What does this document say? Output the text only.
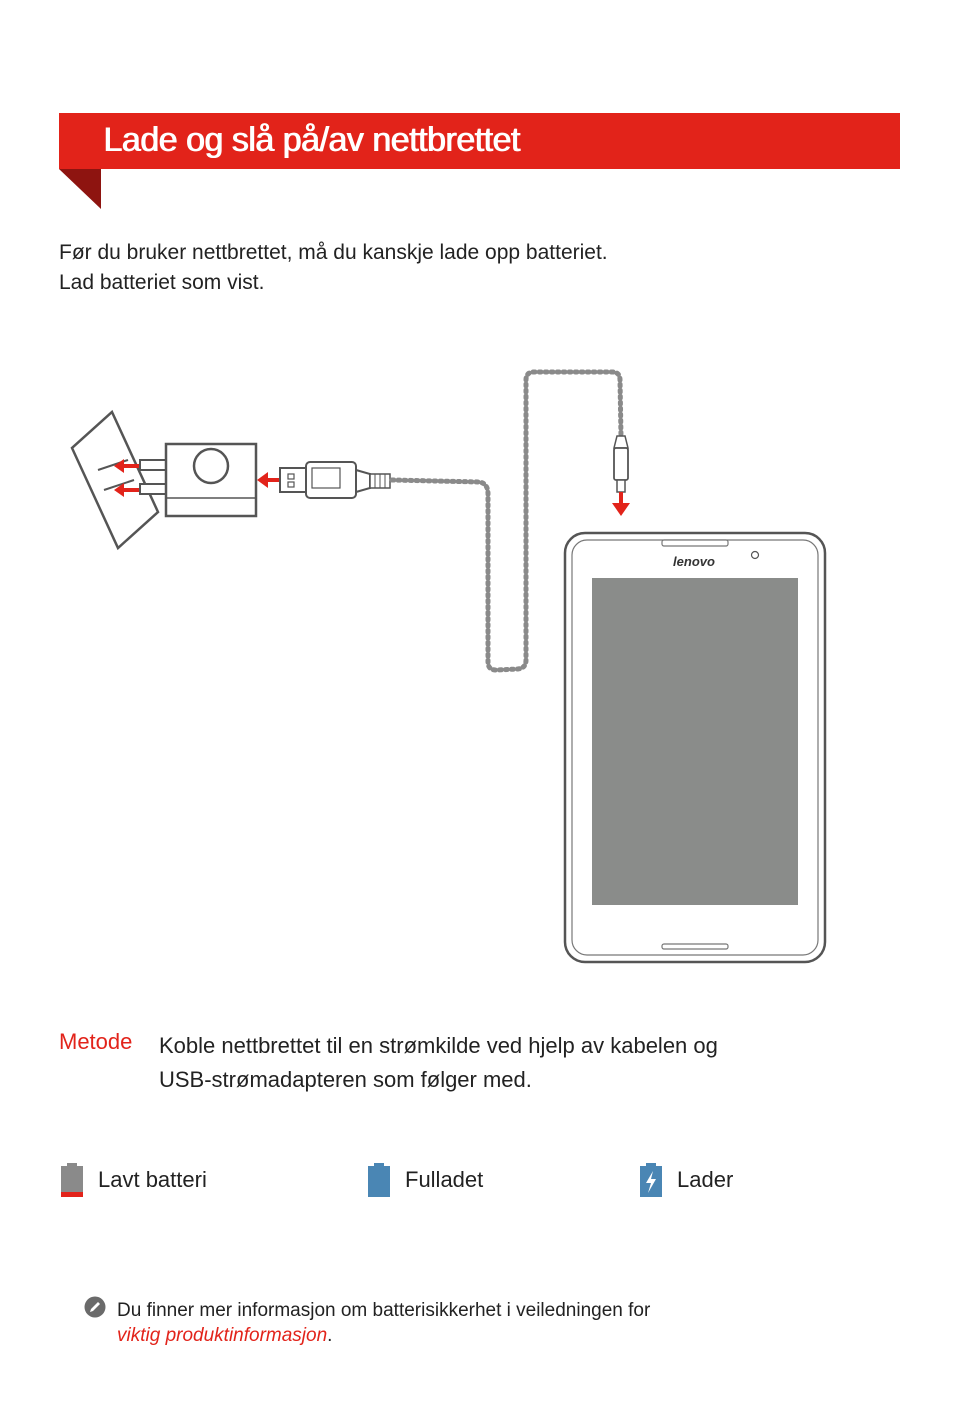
Lade og slå på/av nettbrettet
Før du bruker nettbrettet, må du kanskje lade opp batteriet.
Lad batteriet som vist.
lenovo
Metode Koble nettbrettet til en strømkilde ved hjelp av kabelen og
USB-strømadapteren som følger med.
Lavt batteri	Fulladet	Lader
Du finner mer informasjon om batterisikkerhet i veiledningen for
viktig produktinformasjon.
